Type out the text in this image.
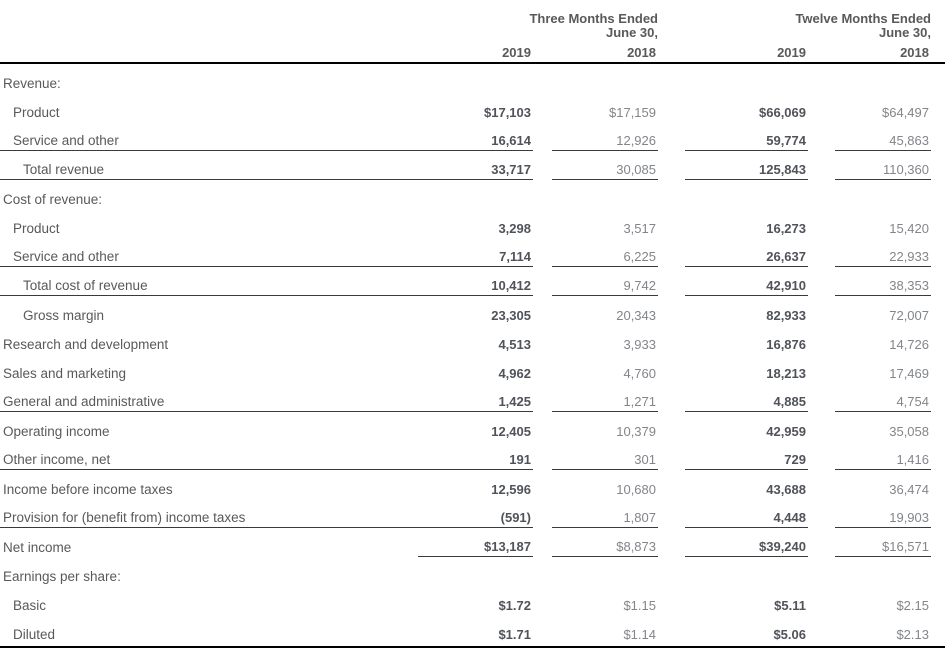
Three Months Ended	Twelve Months Ended
June 30,	June 30,
2019	2018	2019	2018
Revenue:
Product	$17,103	$17,159	$66,069	$64,497
Service and other	16,614	12,926	59,774	45,863
Total revenue	33,717	30,085	125,843	110,360
Cost of revenue:
Product	3,298	3,517	16,273	15,420
Service and other	7,114	6,225	26,637	22,933
Total cost of revenue	10,412	9,742	42,910	38,353
Gross margin	23,305	20,343	82,933	72,007
Research and development	4,513	3,933	16,876	14,726
Sales and marketing	4,962	4,760	18,213	17,469
General and administrative	1,425	1,271	4,885	4,754
Operating income	12,405	10,379	42,959	35,058
Other income, net	191	301	729	1,416
Income before income taxes	12,596	10,680	43,688	36,474
Provision for (benefit from) income taxes	(591)	1,807	4,448	19,903
Net income	$13,187	$8,873	$39,240	$16,571
Earnings per share:
Basic	$1.72	$1.15	$5.11	$2.15
Diluted	$1.71	$1.14	$5.06	$2.13
